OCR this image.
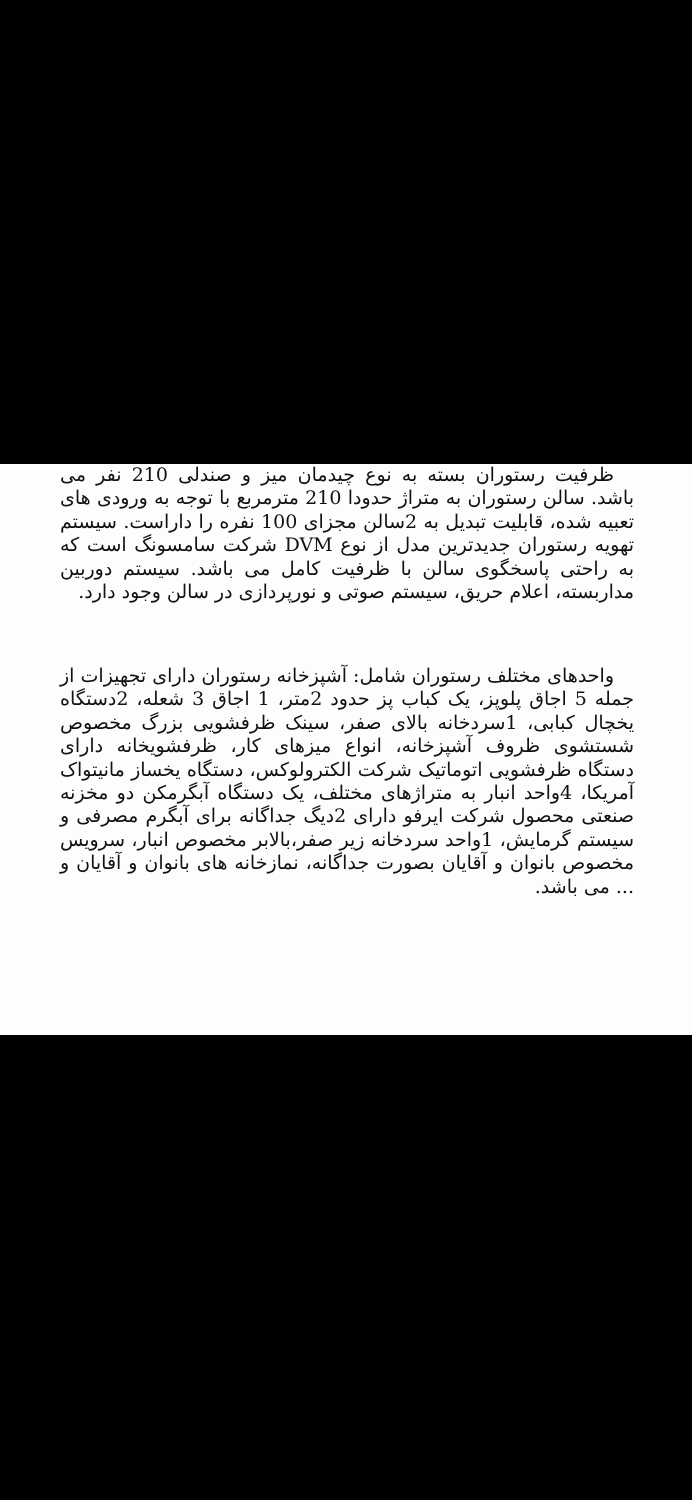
ظرفیت رستوران بسته به نوع چیدمان میز و صندلی 210 نفر می باشد. سالن رستوران به متراژ حدودا 210 مترمربع با توجه به ورودی های تعبیه شده، قابلیت تبدیل به 2سالن مجزای 100 نفره را داراست. سیستم تهویه رستوران جدیدترین مدل از نوع DVM شرکت سامسونگ است که به راحتی پاسخگوی سالن با ظرفیت کامل می باشد. سیستم دوربین مداربسته، اعلام حریق، سیستم صوتی و نورپردازی در سالن وجود دارد.

واحدهای مختلف رستوران شامل: آشپزخانه رستوران دارای تجهیزات از جمله 5 اجاق پلوپز، یک کباب پز حدود 2متر، 1 اجاق 3 شعله، 2دستگاه یخچال کبابی، 1سردخانه بالای صفر، سینک ظرفشویی بزرگ مخصوص شستشوی ظروف آشپزخانه، انواع میزهای کار، ظرفشویخانه دارای دستگاه ظرفشویی اتوماتیک شرکت الکترولوکس، دستگاه یخساز مانیتواک آمریکا، 4واحد انبار به متراژهای مختلف، یک دستگاه آبگرمکن دو مخزنه صنعتی محصول شرکت ایرفو دارای 2دیگ جداگانه برای آبگرم مصرفی و سیستم گرمایش، 1واحد سردخانه زیر صفر،بالابر مخصوص انبار، سرویس مخصوص بانوان و آقایان بصورت جداگانه، نمازخانه های بانوان و آقایان و ... می باشد.
